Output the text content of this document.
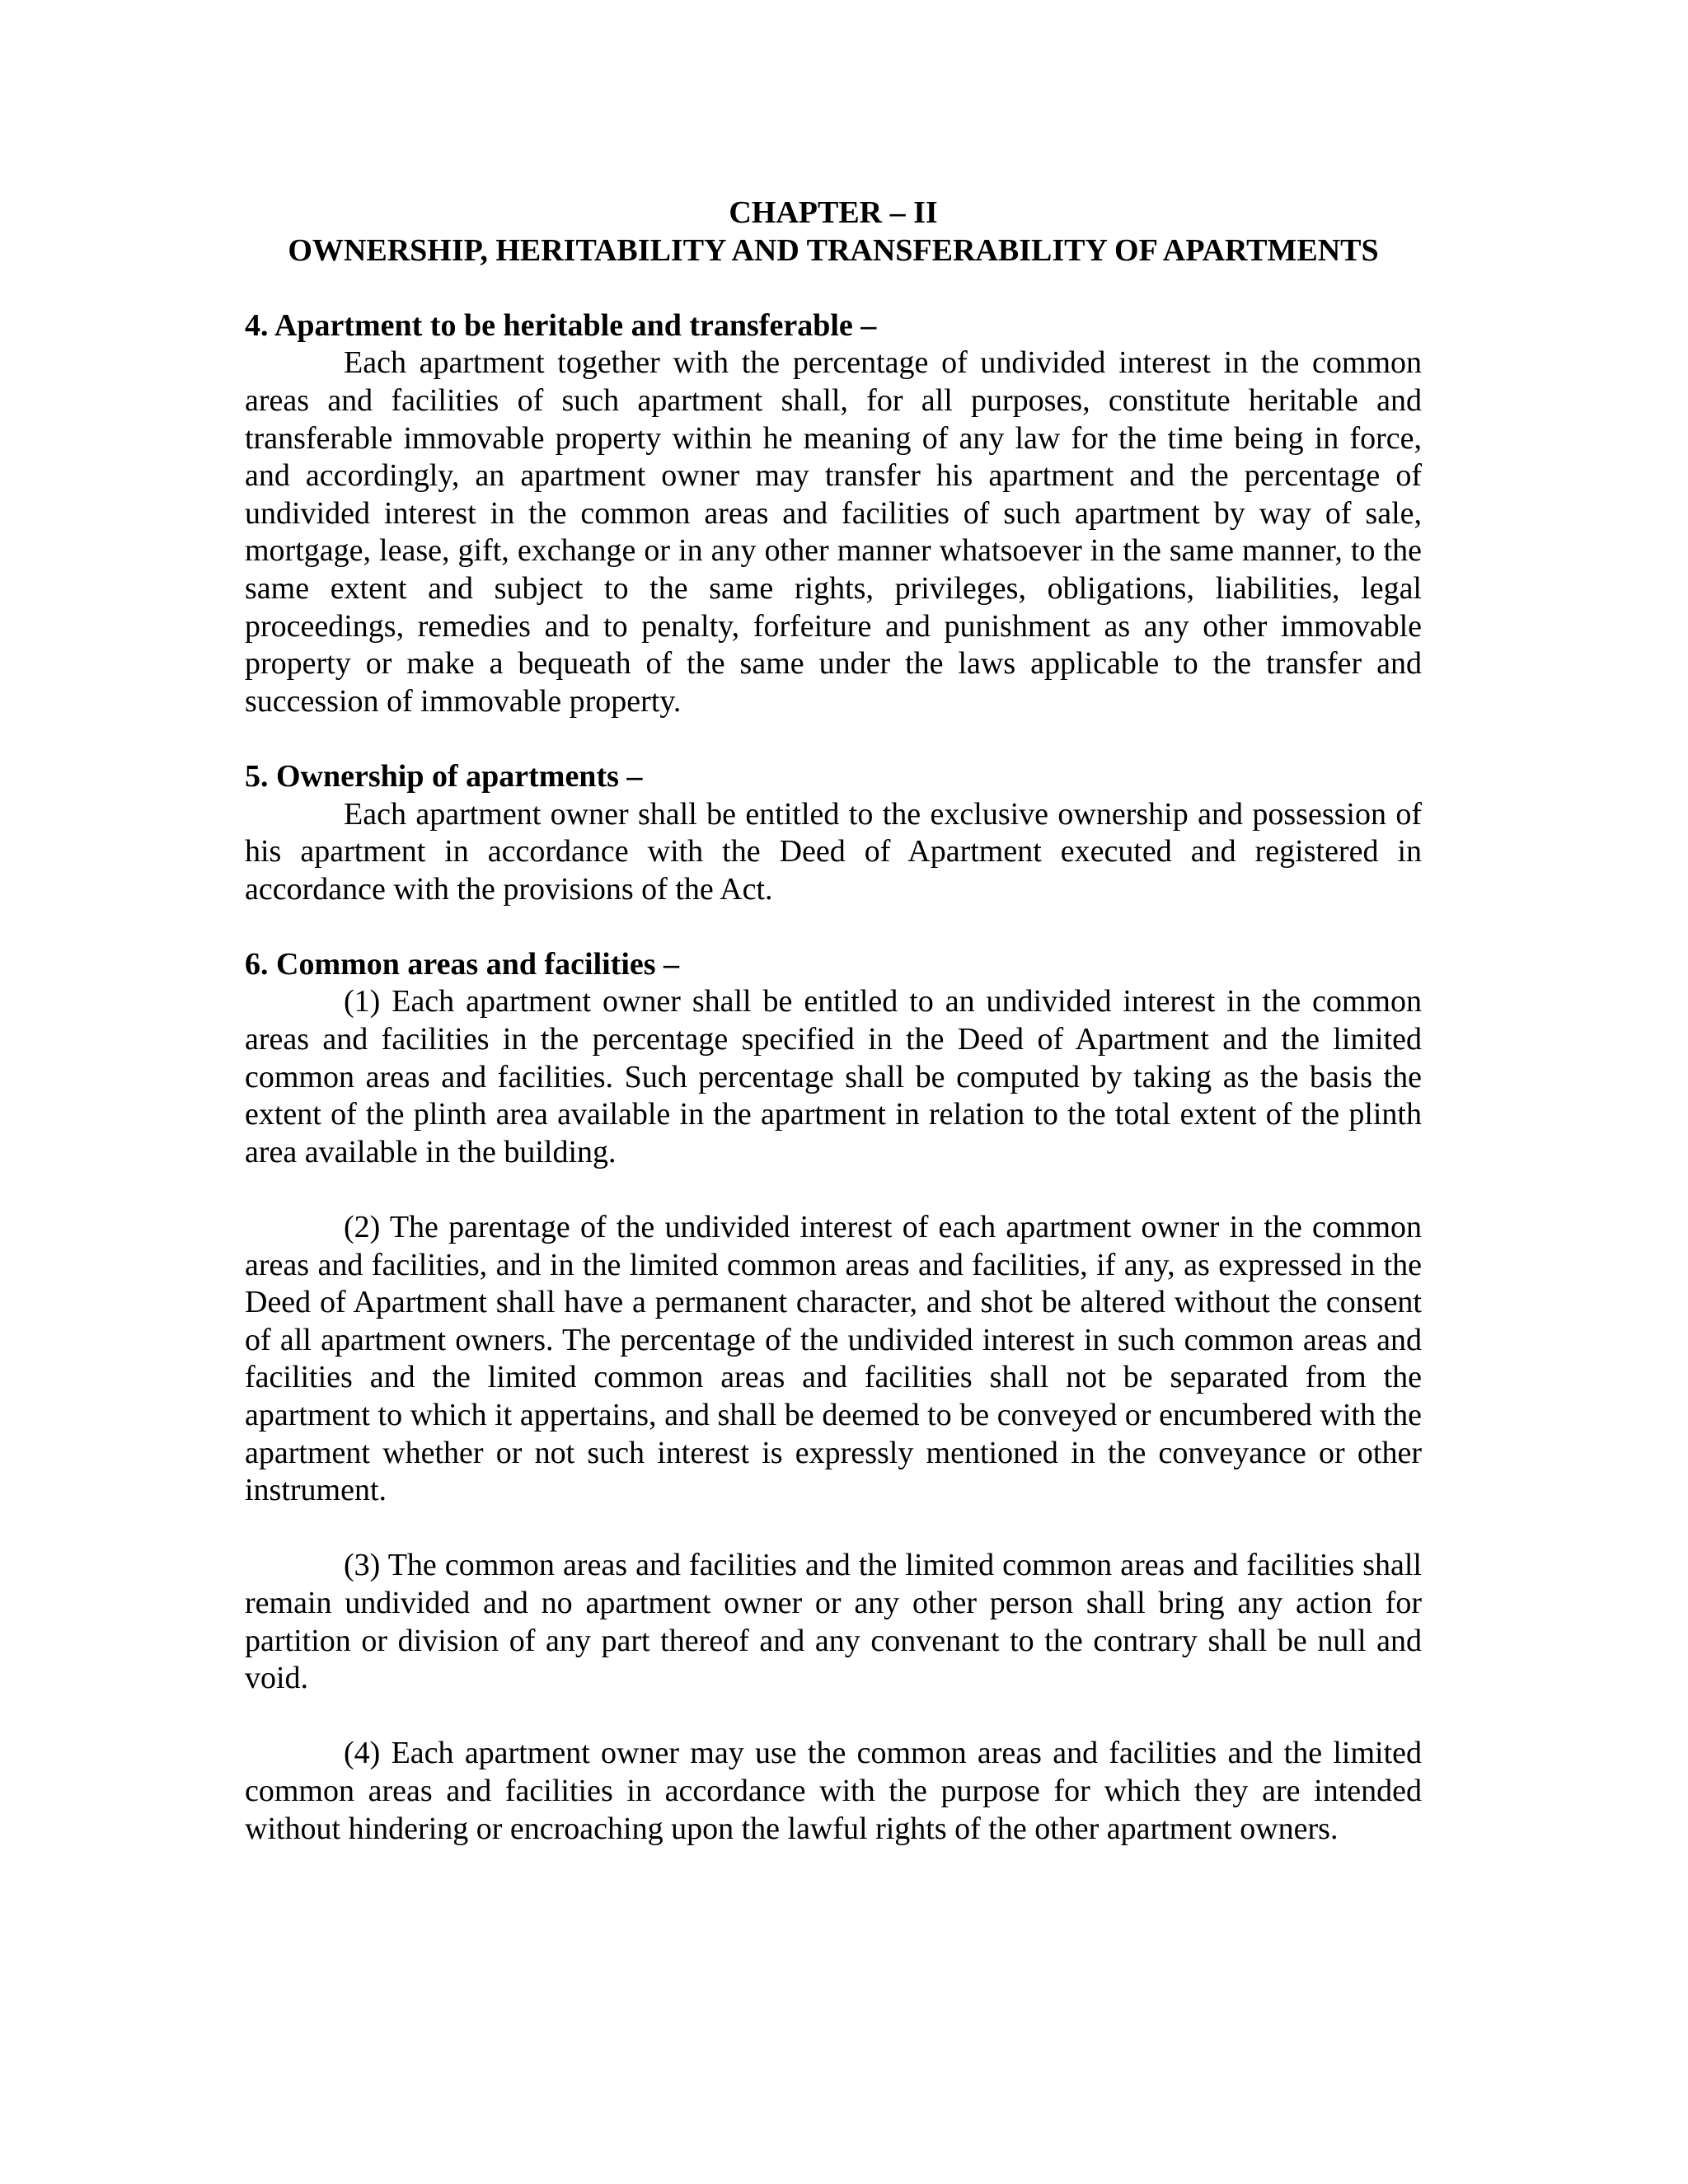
CHAPTER – II
OWNERSHIP, HERITABILITY AND TRANSFERABILITY OF APARTMENTS
4. Apartment to be heritable and transferable –

Each apartment together with the percentage of undivided interest in the common areas and facilities of such apartment shall, for all purposes, constitute heritable and transferable immovable property within he meaning of any law for the time being in force, and accordingly, an apartment owner may transfer his apartment and the percentage of undivided interest in the common areas and facilities of such apartment by way of sale, mortgage, lease, gift, exchange or in any other manner whatsoever in the same manner, to the same extent and subject to the same rights, privileges, obligations, liabilities, legal proceedings, remedies and to penalty, forfeiture and punishment as any other immovable property or make a bequeath of the same under the laws applicable to the transfer and succession of immovable property.

5. Ownership of apartments –

Each apartment owner shall be entitled to the exclusive ownership and possession of his apartment in accordance with the Deed of Apartment executed and registered in accordance with the provisions of the Act.

6. Common areas and facilities –

(1) Each apartment owner shall be entitled to an undivided interest in the common areas and facilities in the percentage specified in the Deed of Apartment and the limited common areas and facilities. Such percentage shall be computed by taking as the basis the extent of the plinth area available in the apartment in relation to the total extent of the plinth area available in the building.

(2) The parentage of the undivided interest of each apartment owner in the common areas and facilities, and in the limited common areas and facilities, if any, as expressed in the Deed of Apartment shall have a permanent character, and shot be altered without the consent of all apartment owners. The percentage of the undivided interest in such common areas and facilities and the limited common areas and facilities shall not be separated from the apartment to which it appertains, and shall be deemed to be conveyed or encumbered with the apartment whether or not such interest is expressly mentioned in the conveyance or other instrument.

(3) The common areas and facilities and the limited common areas and facilities shall remain undivided and no apartment owner or any other person shall bring any action for partition or division of any part thereof and any convenant to the contrary shall be null and void.

(4) Each apartment owner may use the common areas and facilities and the limited common areas and facilities in accordance with the purpose for which they are intended without hindering or encroaching upon the lawful rights of the other apartment owners.
